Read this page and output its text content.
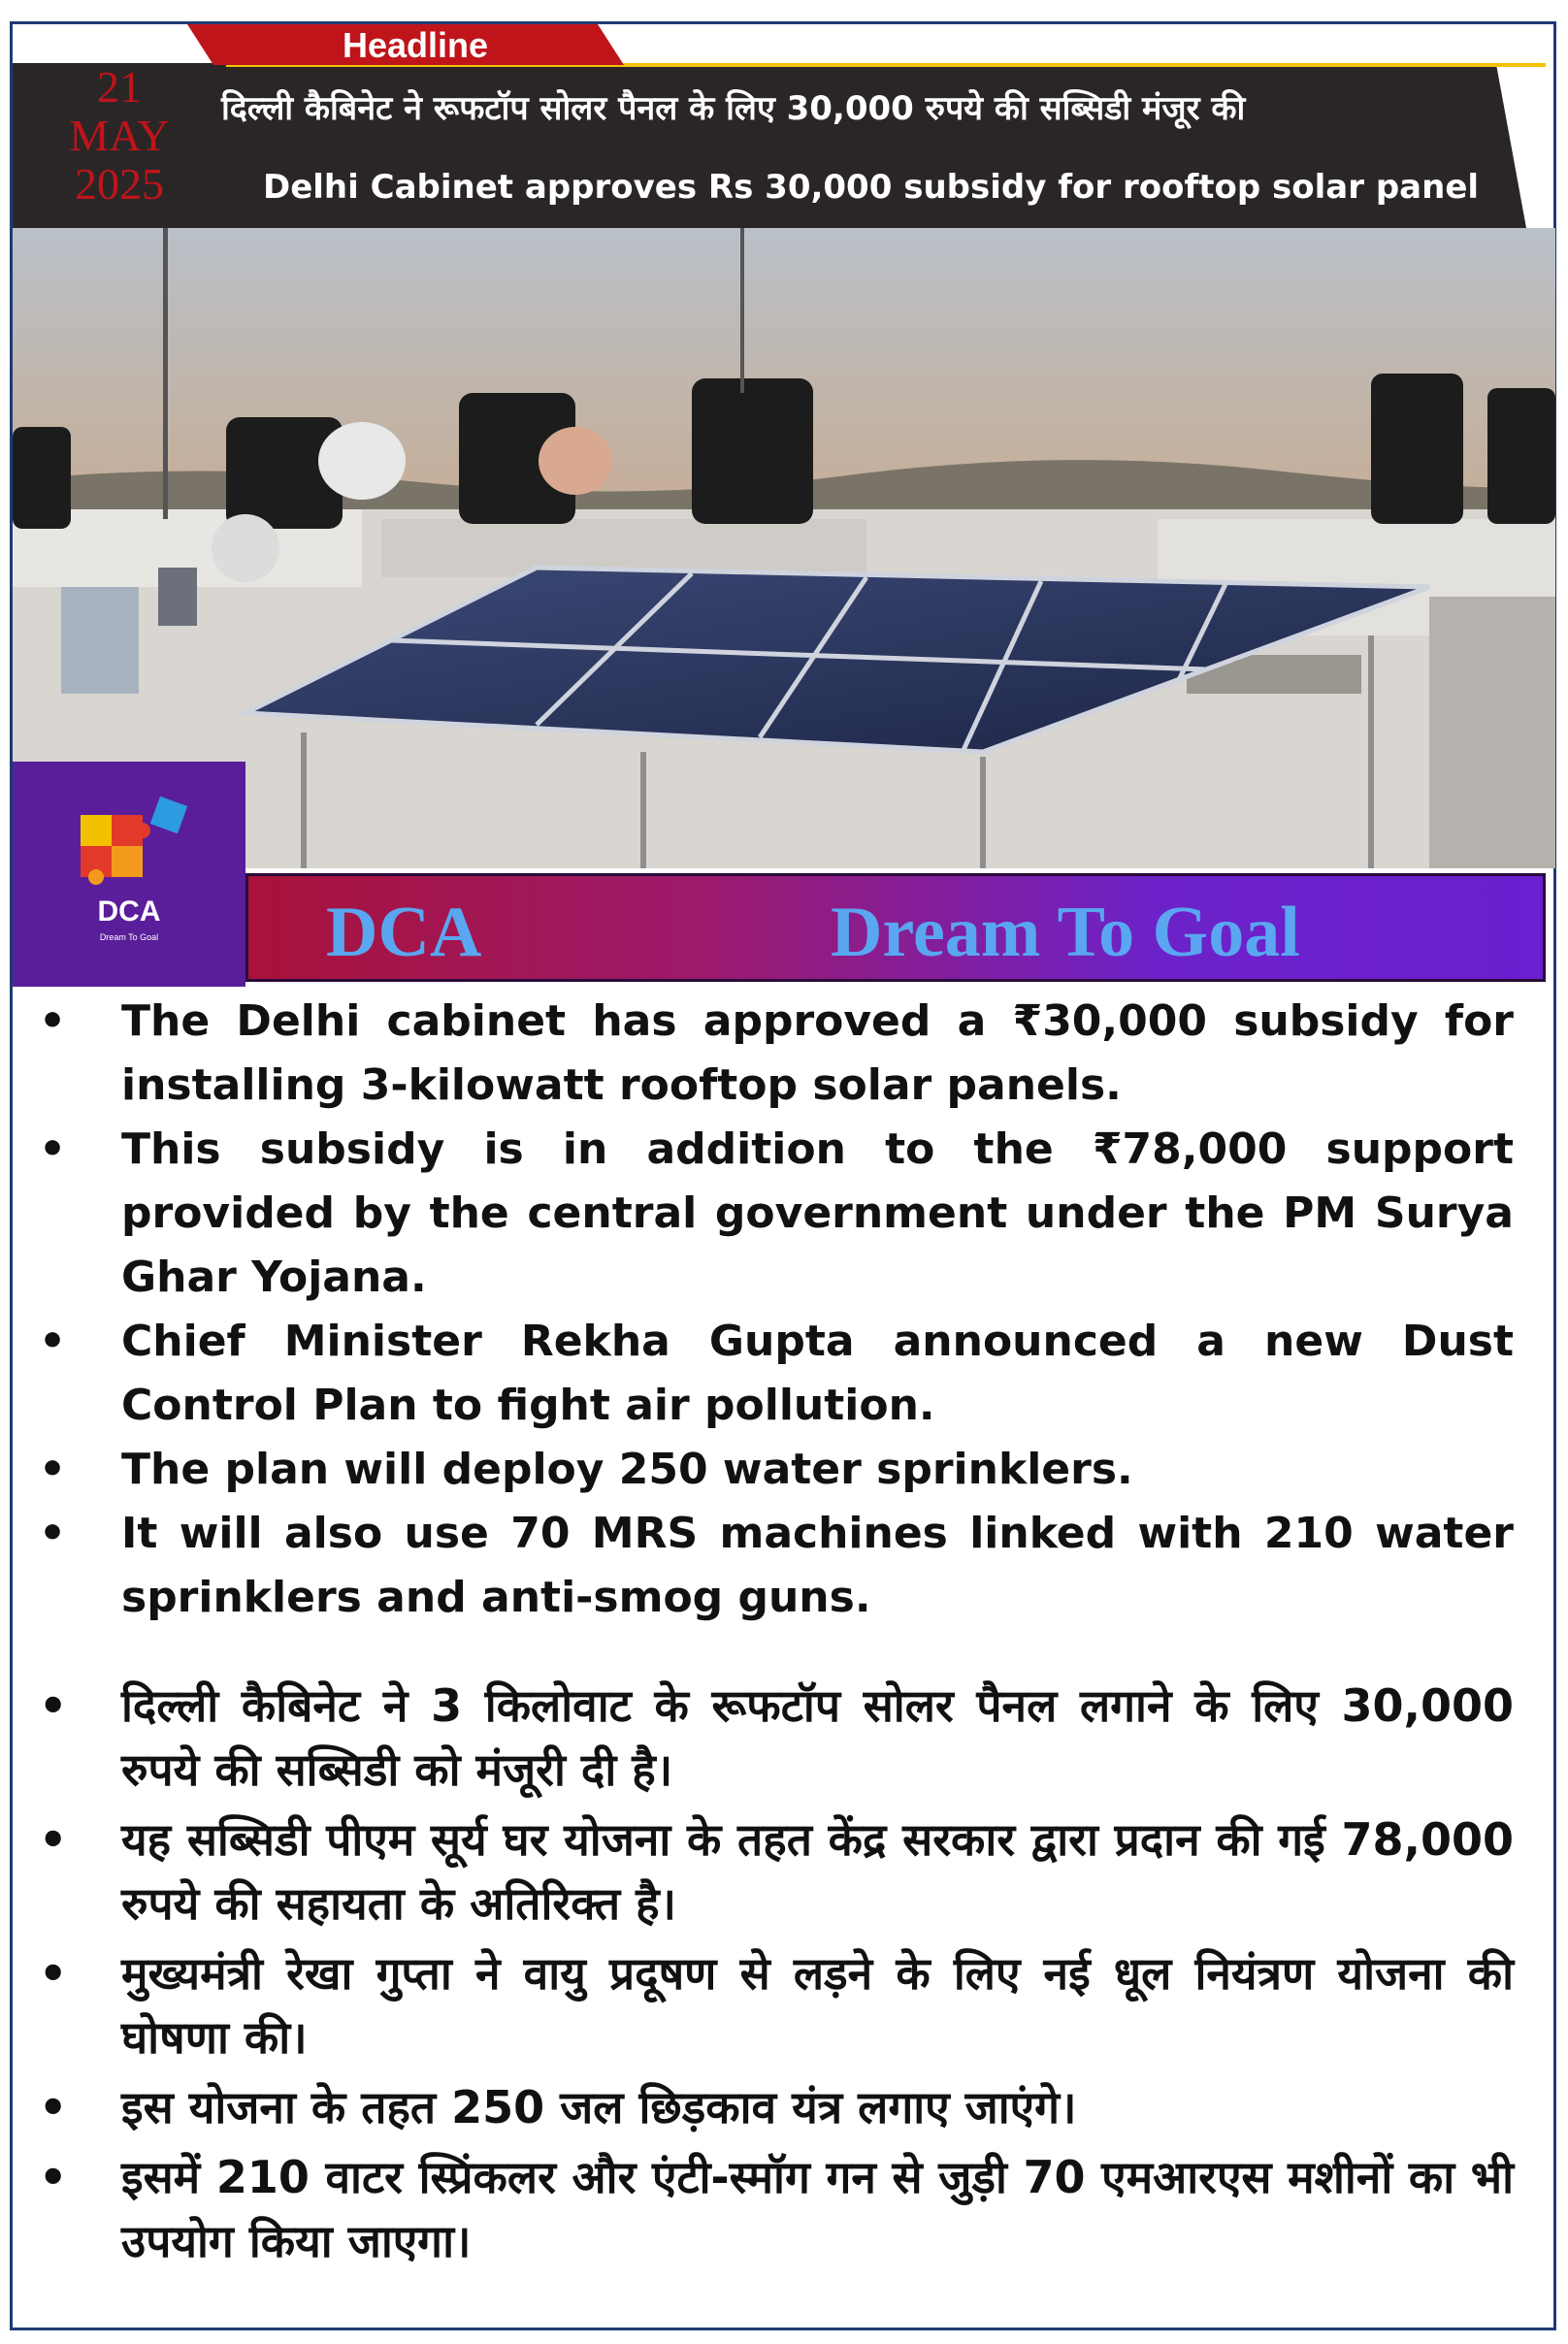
Headline
21
MAY
2025
दिल्ली कैबिनेट ने रूफटॉप सोलर पैनल के लिए 30,000 रुपये की सब्सिडी मंजूर की
Delhi Cabinet approves Rs 30,000 subsidy for rooftop solar panel
DCA
Dream To Goal	DCA	Dream To Goal
• The Delhi cabinet has approved a ₹30,000 subsidy for installing 3-kilowatt rooftop solar panels.
• This subsidy is in addition to the ₹78,000 support provided by the central government under the PM Surya Ghar Yojana.
• Chief Minister Rekha Gupta announced a new Dust Control Plan to fight air pollution.
• The plan will deploy 250 water sprinklers.
• It will also use 70 MRS machines linked with 210 water sprinklers and anti-smog guns.
• दिल्ली कैबिनेट ने 3 किलोवाट के रूफटॉप सोलर पैनल लगाने के लिए 30,000 रुपये की सब्सिडी को मंजूरी दी है।
• यह सब्सिडी पीएम सूर्य घर योजना के तहत केंद्र सरकार द्वारा प्रदान की गई 78,000 रुपये की सहायता के अतिरिक्त है।
• मुख्यमंत्री रेखा गुप्ता ने वायु प्रदूषण से लड़ने के लिए नई धूल नियंत्रण योजना की घोषणा की।
• इस योजना के तहत 250 जल छिड़काव यंत्र लगाए जाएंगे।
• इसमें 210 वाटर स्प्रिंकलर और एंटी-स्मॉग गन से जुड़ी 70 एमआरएस मशीनों का भी उपयोग किया जाएगा।
